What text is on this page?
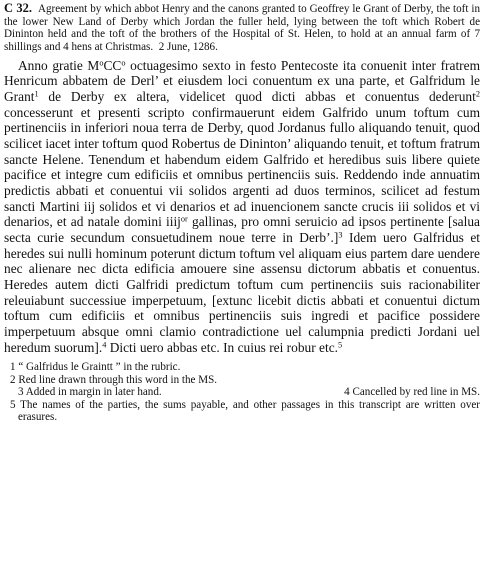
C 32. Agreement by which abbot Henry and the canons granted to Geoffrey le Grant of Derby, the toft in the lower New Land of Derby which Jordan the fuller held, lying between the toft which Robert de Dininton held and the toft of the brothers of the Hospital of St. Helen, to hold at an annual farm of 7 shillings and 4 hens at Christmas. 2 June, 1286.

Anno gratie $M^oCC^o$ octuagesimo sexto in festo Pentecoste ita conuenit inter fratrem Henricum abbatem de Derl’ et eiusdem loci conuentum ex una parte, et Galfridum le Grant$^1$ de Derby ex altera, videlicet quod dicti abbas et conuentus dederunt$^2$ concesserunt et presenti scripto confirmauerunt eidem Galfrido unum toftum cum pertinenciis in inferiori noua terra de Derby, quod Jordanus fullo aliquando tenuit, quod scilicet iacet inter toftum quod Robertus de Dininton’ aliquando tenuit, et toftum fratrum sancte Helene. Tenendum et habendum eidem Galfrido et heredibus suis libere quiete pacifice et integre cum edificiis et omnibus pertinenciis suis. Reddendo inde annuatim predictis abbati et conuentui vii solidos argenti ad duos terminos, scilicet ad festum sancti Martini iij solidos et vi denarios et ad inuencionem sancte crucis iii solidos et vi denarios, et ad natale domini iiij$^{or}$ gallinas, pro omni seruicio ad ipsos pertinente [salua secta curie secundum consuetudinem noue terre in Derb’.]$^3$ Idem uero Galfridus et heredes sui nulli hominum poterunt dictum toftum vel aliquam eius partem dare uendere nec alienare nec dicta edificia amouere sine assensu dictorum abbatis et conuentus. Heredes autem dicti Galfridi predictum toftum cum pertinenciis suis racionabiliter releuiabunt successiue imperpetuum, [extunc licebit dictis abbati et conuentui dictum toftum cum edificiis et omnibus pertinenciis suis ingredi et pacifice possidere imperpetuum absque omni clamio contradictione uel calumpnia predicti Jordani uel heredum suorum].$^4$ Dicti uero abbas etc. In cuius rei robur etc.$^5$

1 “ Galfridus le Graintt ” in the rubric.
2 Red line drawn through this word in the MS.
3 Added in margin in later hand.	4 Cancelled by red line in MS.
5 The names of the parties, the sums payable, and other passages in this transcript are written over erasures.
